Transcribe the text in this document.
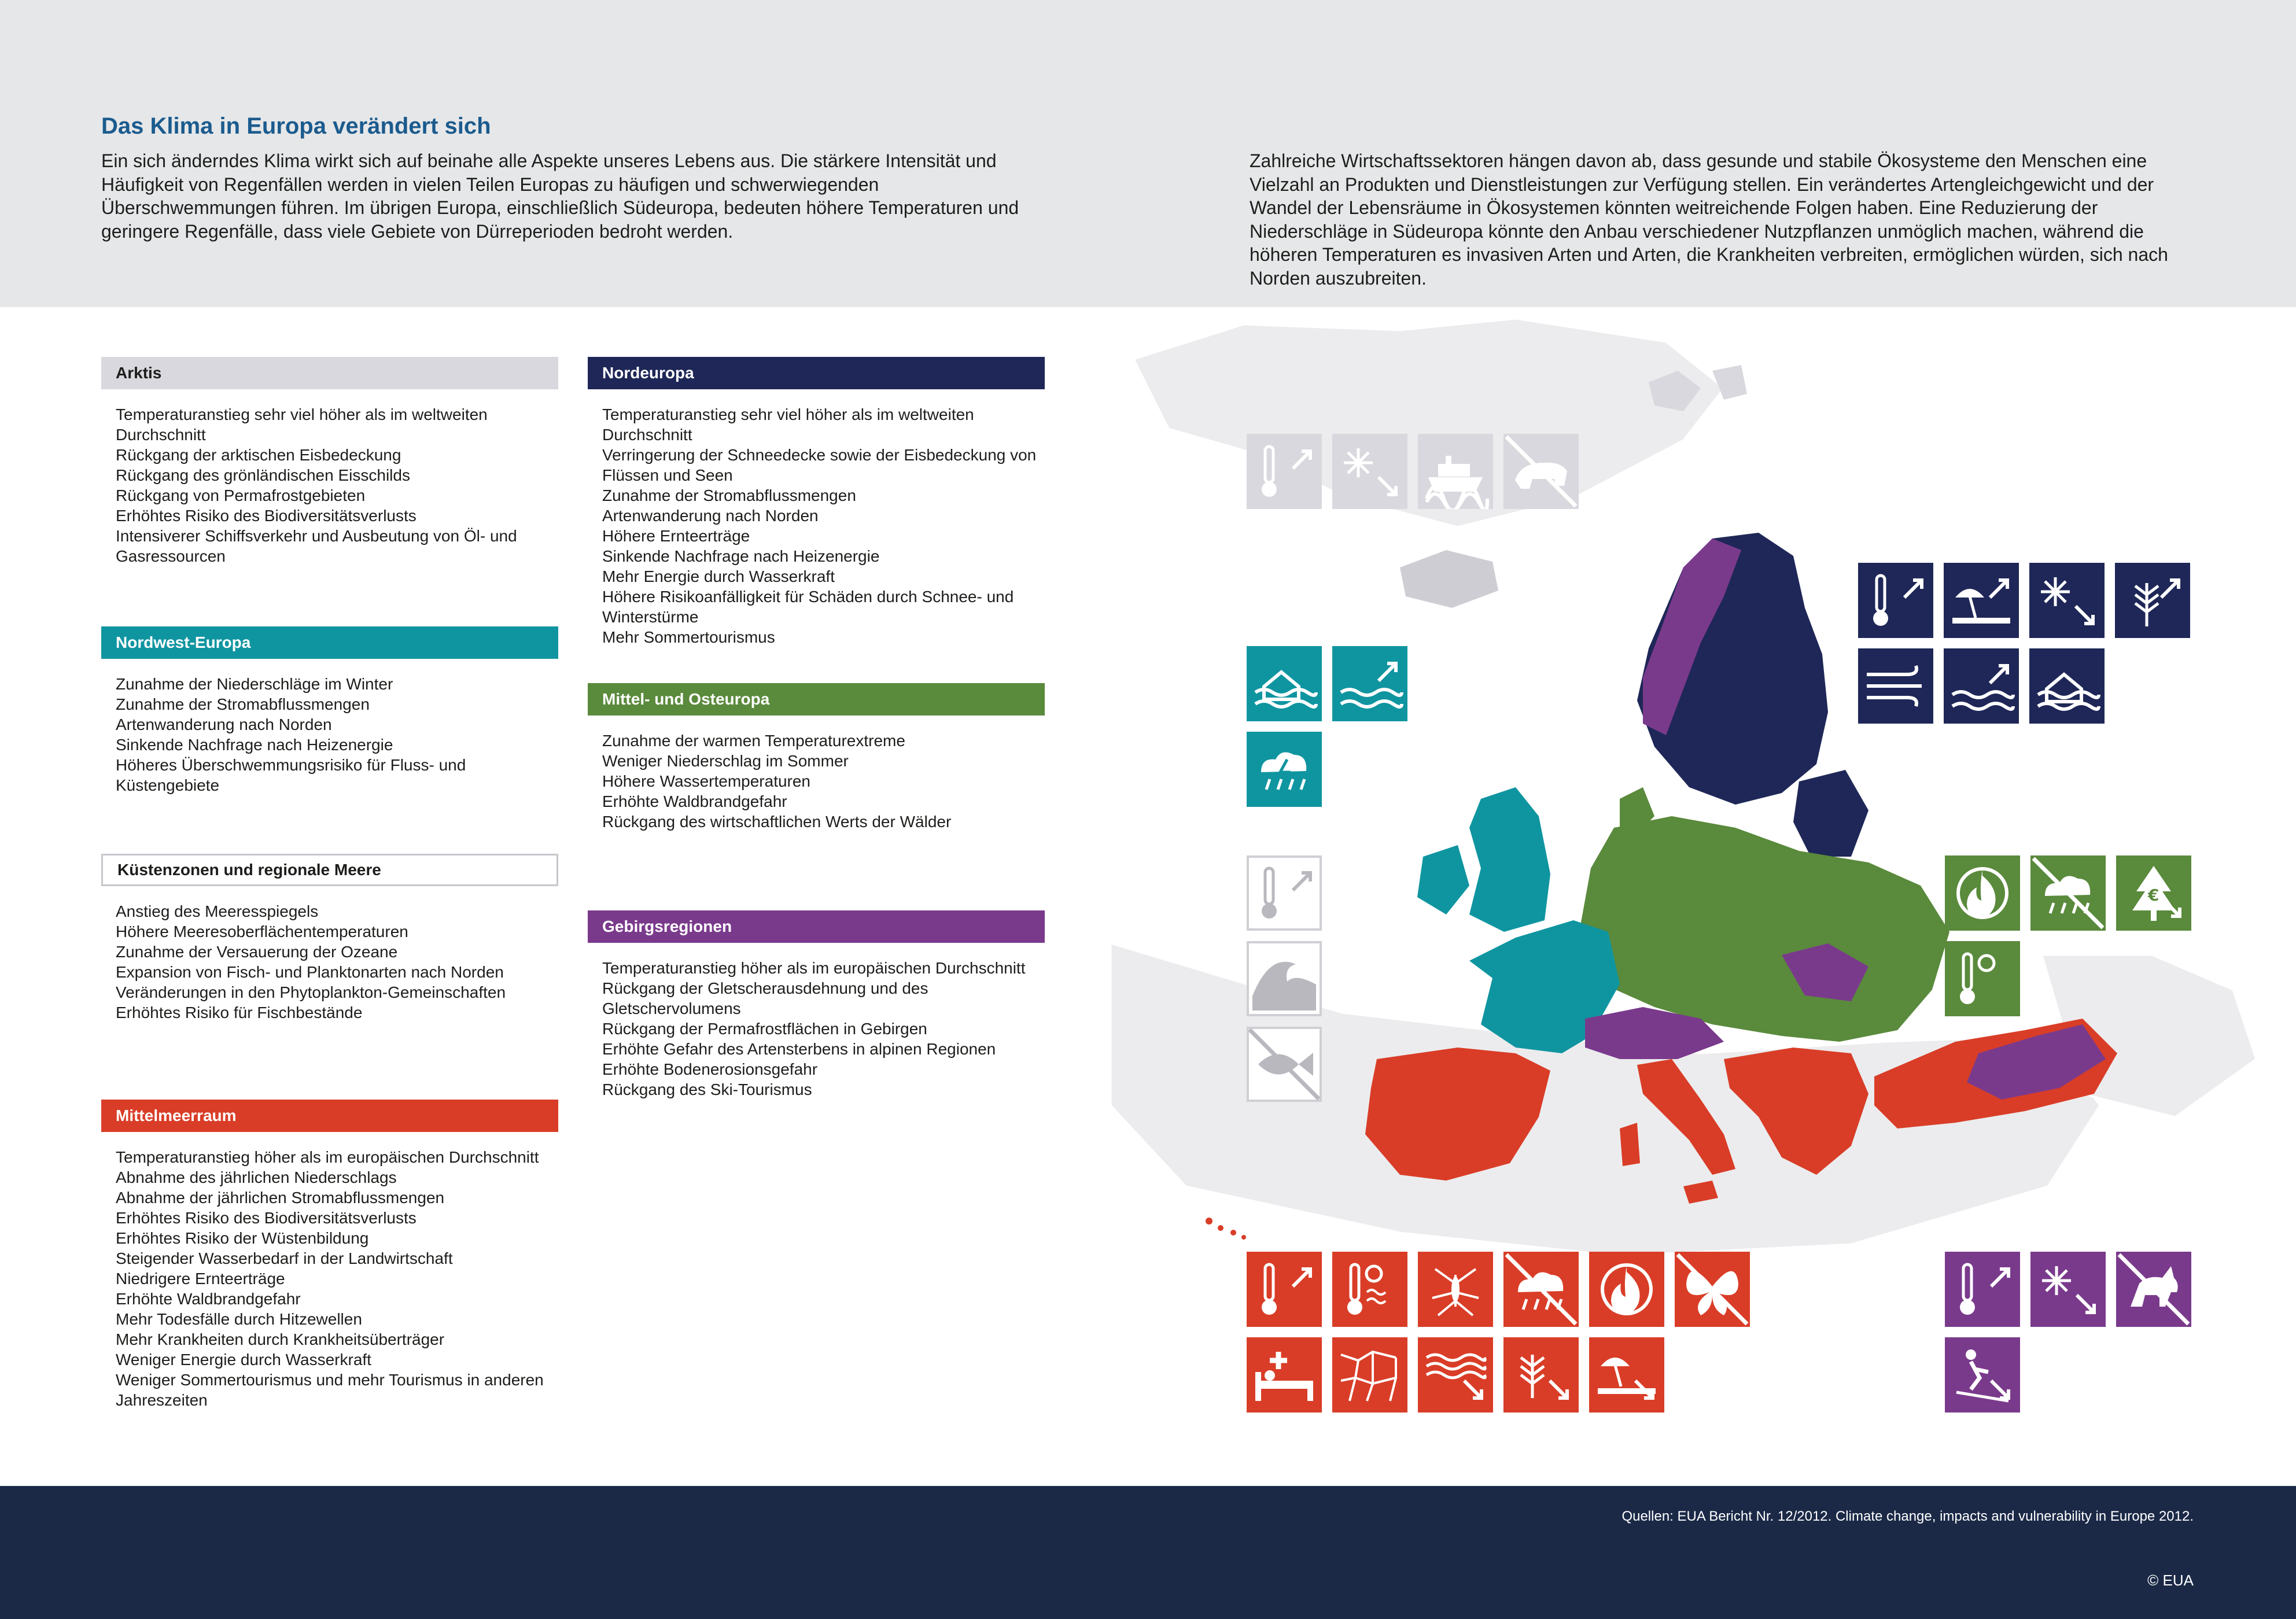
Das Klima in Europa verändert sich
Ein sich änderndes Klima wirkt sich auf beinahe alle Aspekte unseres Lebens aus. Die stärkere Intensität und Häufigkeit von Regenfällen werden in vielen Teilen Europas zu häufigen und schwerwiegenden Überschwemmungen führen. Im übrigen Europa, einschließlich Südeuropa, bedeuten höhere Temperaturen und geringere Regenfälle, dass viele Gebiete von Dürreperioden bedroht werden.
Zahlreiche Wirtschaftssektoren hängen davon ab, dass gesunde und stabile Ökosysteme den Menschen eine Vielzahl an Produkten und Dienstleistungen zur Verfügung stellen. Ein verändertes Artengleichgewicht und der Wandel der Lebensräume in Ökosystemen könnten weitreichende Folgen haben. Eine Reduzierung der Niederschläge in Südeuropa könnte den Anbau verschiedener Nutzpflanzen unmöglich machen, während die höheren Temperaturen es invasiven Arten und Arten, die Krankheiten verbreiten, ermöglichen würden, sich nach Norden auszubreiten.
Arktis
Temperaturanstieg sehr viel höher als im weltweiten Durchschnitt
Rückgang der arktischen Eisbedeckung
Rückgang des grönländischen Eisschilds
Rückgang von Permafrostgebieten
Erhöhtes Risiko des Biodiversitätsverlusts
Intensiverer Schiffsverkehr und Ausbeutung von Öl- und Gasressourcen
Nordwest-Europa
Zunahme der Niederschläge im Winter
Zunahme der Stromabflussmengen
Artenwanderung nach Norden
Sinkende Nachfrage nach Heizenergie
Höheres Überschwemmungsrisiko für Fluss- und Küstengebiete
Küstenzonen und regionale Meere
Anstieg des Meeresspiegels
Höhere Meeresoberflächentemperaturen
Zunahme der Versauerung der Ozeane
Expansion von Fisch- und Planktonarten nach Norden
Veränderungen in den Phytoplankton-Gemeinschaften
Erhöhtes Risiko für Fischbestände
Mittelmeerraum
Temperaturanstieg höher als im europäischen Durchschnitt
Abnahme des jährlichen Niederschlags
Abnahme der jährlichen Stromabflussmengen
Erhöhtes Risiko des Biodiversitätsverlusts
Erhöhtes Risiko der Wüstenbildung
Steigender Wasserbedarf in der Landwirtschaft
Niedrigere Ernteerträge
Erhöhte Waldbrandgefahr
Mehr Todesfälle durch Hitzewellen
Mehr Krankheiten durch Krankheitsüberträger
Weniger Energie durch Wasserkraft
Weniger Sommertourismus und mehr Tourismus in anderen Jahreszeiten
Nordeuropa
Temperaturanstieg sehr viel höher als im weltweiten Durchschnitt
Verringerung der Schneedecke sowie der Eisbedeckung von Flüssen und Seen
Zunahme der Stromabflussmengen
Artenwanderung nach Norden
Höhere Ernteerträge
Sinkende Nachfrage nach Heizenergie
Mehr Energie durch Wasserkraft
Höhere Risikoanfälligkeit für Schäden durch Schnee- und Winterstürme
Mehr Sommertourismus
Mittel- und Osteuropa
Zunahme der warmen Temperaturextreme
Weniger Niederschlag im Sommer
Höhere Wassertemperaturen
Erhöhte Waldbrandgefahr
Rückgang des wirtschaftlichen Werts der Wälder
Gebirgsregionen
Temperaturanstieg höher als im europäischen Durchschnitt
Rückgang der Gletscherausdehnung und des Gletschervolumens
Rückgang der Permafrostflächen in Gebirgen
Erhöhte Gefahr des Artensterbens in alpinen Regionen
Erhöhte Bodenerosionsgefahr
Rückgang des Ski-Tourismus
€
Quellen: EUA Bericht Nr. 12/2012. Climate change, impacts and vulnerability in Europe 2012.
© EUA
